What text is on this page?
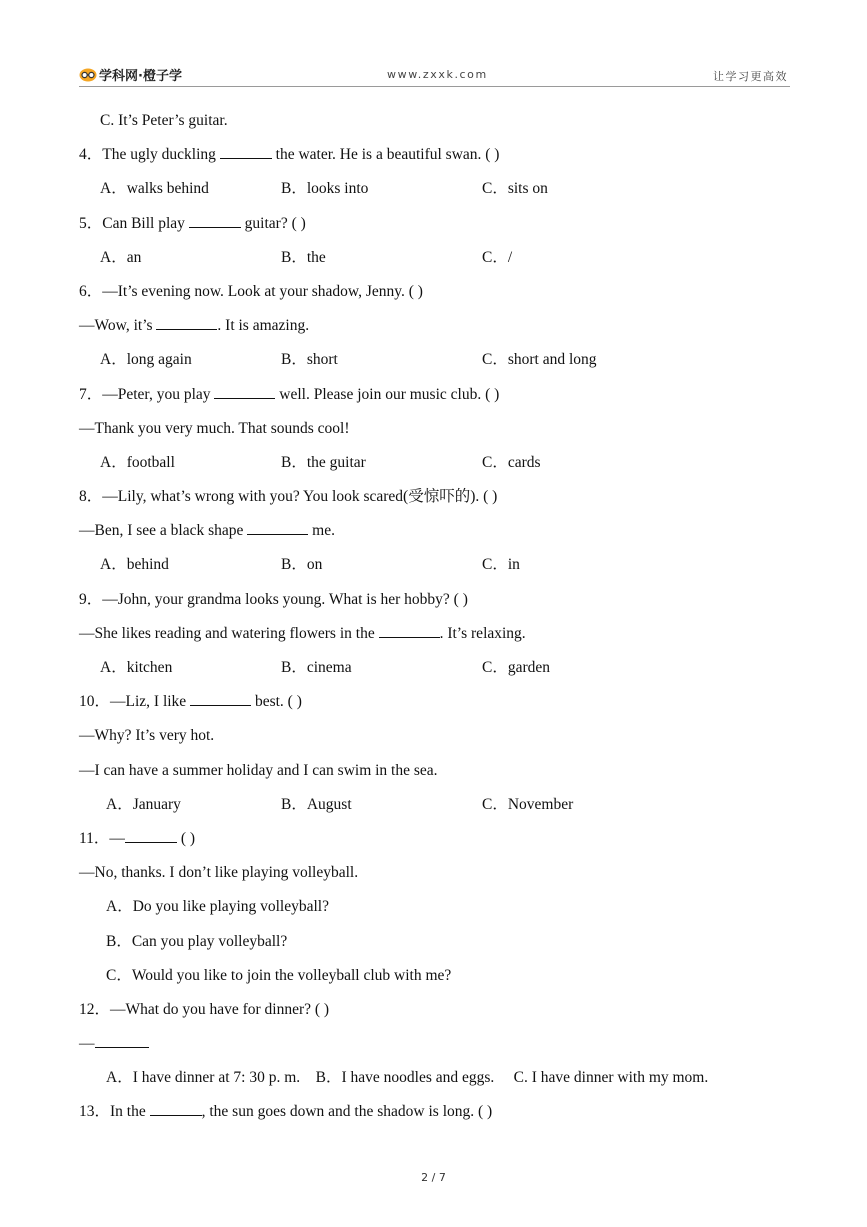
学科网·橙子学	www.zxxk.com	让学习更高效
C. It’s Peter’s guitar.
4．The ugly duckling	the water. He is a beautiful swan. ( )
A．walks behind	B．looks into	C．sits on
5．Can Bill play	guitar? ( )
A．an	B．the	C．/
6．—It’s evening now. Look at your shadow, Jenny. ( )
—Wow, it’s	. It is amazing.
A．long again	B．short	C．short and long
7．—Peter, you play	well. Please join our music club. ( )
—Thank you very much. That sounds cool!
A．football	B．the guitar	C．cards
8．—Lily, what’s wrong with you? You look scared(受惊吓的). ( )
—Ben, I see a black shape	me.
A．behind	B．on	C．in
9．—John, your grandma looks young. What is her hobby? ( )
—She likes reading and watering flowers in the	. It’s relaxing.
A．kitchen	B．cinema	C．garden
10．—Liz, I like	best. ( )
—Why? It’s very hot.
—I can have a summer holiday and I can swim in the sea.
A．January	B．August	C．November
11．—	( )
—No, thanks. I don’t like playing volleyball.
A．Do you like playing volleyball?
B．Can you play volleyball?
C．Would you like to join the volleyball club with me?
12．—What do you have for dinner? ( )
—
A．I have dinner at 7: 30 p. m.    B．I have noodles and eggs.     C. I have dinner with my mom.
13．In the	, the sun goes down and the shadow is long. ( )
2 / 7
